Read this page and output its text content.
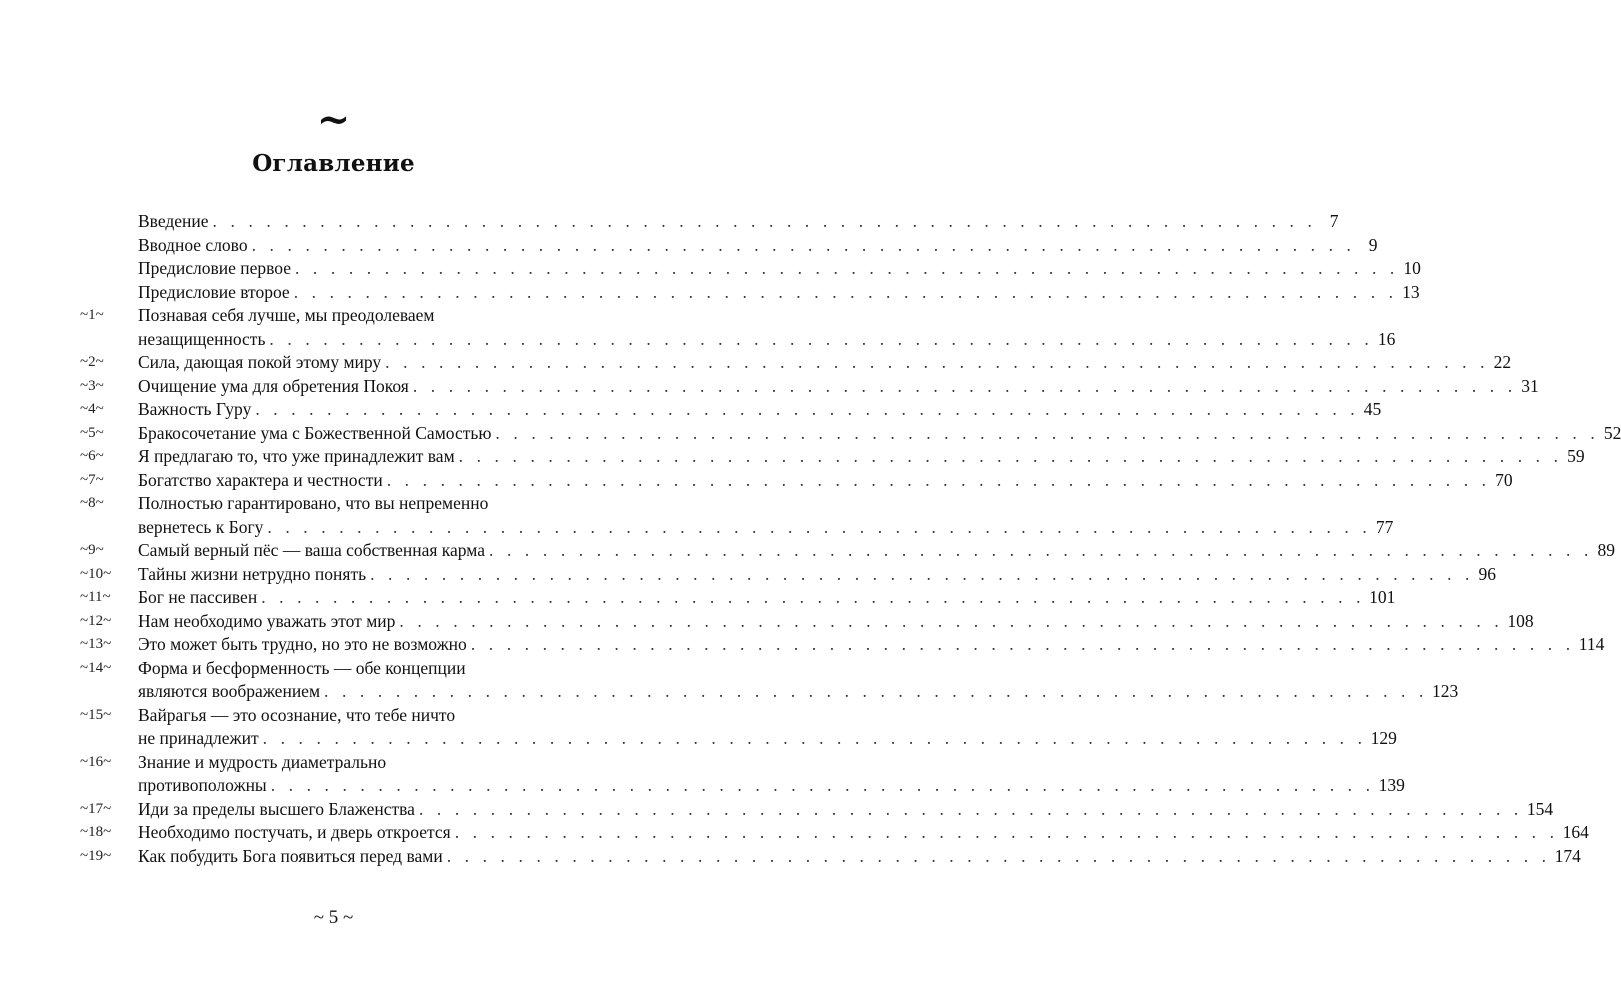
~
Оглавление
Введение . . . . . . . . . . . . . . . . . . . . . . . . . . . . . . . . . . . . . . . . . . . . . . . . . . . . . . . . . . . . . . 7
Вводное слово . . . . . . . . . . . . . . . . . . . . . . . . . . . . . . . . . . . . . . . . . . . . . . . . . . . . . . . . . . . . . . 9
Предисловие первое . . . . . . . . . . . . . . . . . . . . . . . . . . . . . . . . . . . . . . . . . . . . . . . . . . . . . . . . . . . . . . 10
Предисловие второе . . . . . . . . . . . . . . . . . . . . . . . . . . . . . . . . . . . . . . . . . . . . . . . . . . . . . . . . . . . . . . 13
~1~	Познавая себя лучше, мы преодолеваем
незащищенность . . . . . . . . . . . . . . . . . . . . . . . . . . . . . . . . . . . . . . . . . . . . . . . . . . . . . . . . . . . . . . 16
~2~	Сила, дающая покой этому миру . . . . . . . . . . . . . . . . . . . . . . . . . . . . . . . . . . . . . . . . . . . . . . . . . . . . . . . . . . . . . . 22
~3~	Очищение ума для обретения Покоя . . . . . . . . . . . . . . . . . . . . . . . . . . . . . . . . . . . . . . . . . . . . . . . . . . . . . . . . . . . . . . 31
~4~	Важность Гуру . . . . . . . . . . . . . . . . . . . . . . . . . . . . . . . . . . . . . . . . . . . . . . . . . . . . . . . . . . . . . . 45
~5~	Бракосочетание ума с Божественной Самостью . . . . . . . . . . . . . . . . . . . . . . . . . . . . . . . . . . . . . . . . . . . . . . . . . . . . . . . . . . . . . . 52
~6~	Я предлагаю то, что уже принадлежит вам . . . . . . . . . . . . . . . . . . . . . . . . . . . . . . . . . . . . . . . . . . . . . . . . . . . . . . . . . . . . . . 59
~7~	Богатство характера и честности . . . . . . . . . . . . . . . . . . . . . . . . . . . . . . . . . . . . . . . . . . . . . . . . . . . . . . . . . . . . . . 70
~8~	Полностью гарантировано, что вы непременно
вернетесь к Богу . . . . . . . . . . . . . . . . . . . . . . . . . . . . . . . . . . . . . . . . . . . . . . . . . . . . . . . . . . . . . . 77
~9~	Самый верный пёс — ваша собственная карма . . . . . . . . . . . . . . . . . . . . . . . . . . . . . . . . . . . . . . . . . . . . . . . . . . . . . . . . . . . . . . 89
~10~	Тайны жизни нетрудно понять . . . . . . . . . . . . . . . . . . . . . . . . . . . . . . . . . . . . . . . . . . . . . . . . . . . . . . . . . . . . . . 96
~11~	Бог не пассивен . . . . . . . . . . . . . . . . . . . . . . . . . . . . . . . . . . . . . . . . . . . . . . . . . . . . . . . . . . . . . . 101
~12~	Нам необходимо уважать этот мир . . . . . . . . . . . . . . . . . . . . . . . . . . . . . . . . . . . . . . . . . . . . . . . . . . . . . . . . . . . . . . 108
~13~	Это может быть трудно, но это не возможно . . . . . . . . . . . . . . . . . . . . . . . . . . . . . . . . . . . . . . . . . . . . . . . . . . . . . . . . . . . . . . 114
~14~	Форма и бесформенность — обе концепции
являются воображением . . . . . . . . . . . . . . . . . . . . . . . . . . . . . . . . . . . . . . . . . . . . . . . . . . . . . . . . . . . . . . 123
~15~	Вайрагья — это осознание, что тебе ничто
не принадлежит . . . . . . . . . . . . . . . . . . . . . . . . . . . . . . . . . . . . . . . . . . . . . . . . . . . . . . . . . . . . . . 129
~16~	Знание и мудрость диаметрально
противоположны . . . . . . . . . . . . . . . . . . . . . . . . . . . . . . . . . . . . . . . . . . . . . . . . . . . . . . . . . . . . . . 139
~17~	Иди за пределы высшего Блаженства . . . . . . . . . . . . . . . . . . . . . . . . . . . . . . . . . . . . . . . . . . . . . . . . . . . . . . . . . . . . . . 154
~18~	Необходимо постучать, и дверь откроется . . . . . . . . . . . . . . . . . . . . . . . . . . . . . . . . . . . . . . . . . . . . . . . . . . . . . . . . . . . . . . 164
~19~	Как побудить Бога появиться перед вами . . . . . . . . . . . . . . . . . . . . . . . . . . . . . . . . . . . . . . . . . . . . . . . . . . . . . . . . . . . . . . 174
~ 5 ~
